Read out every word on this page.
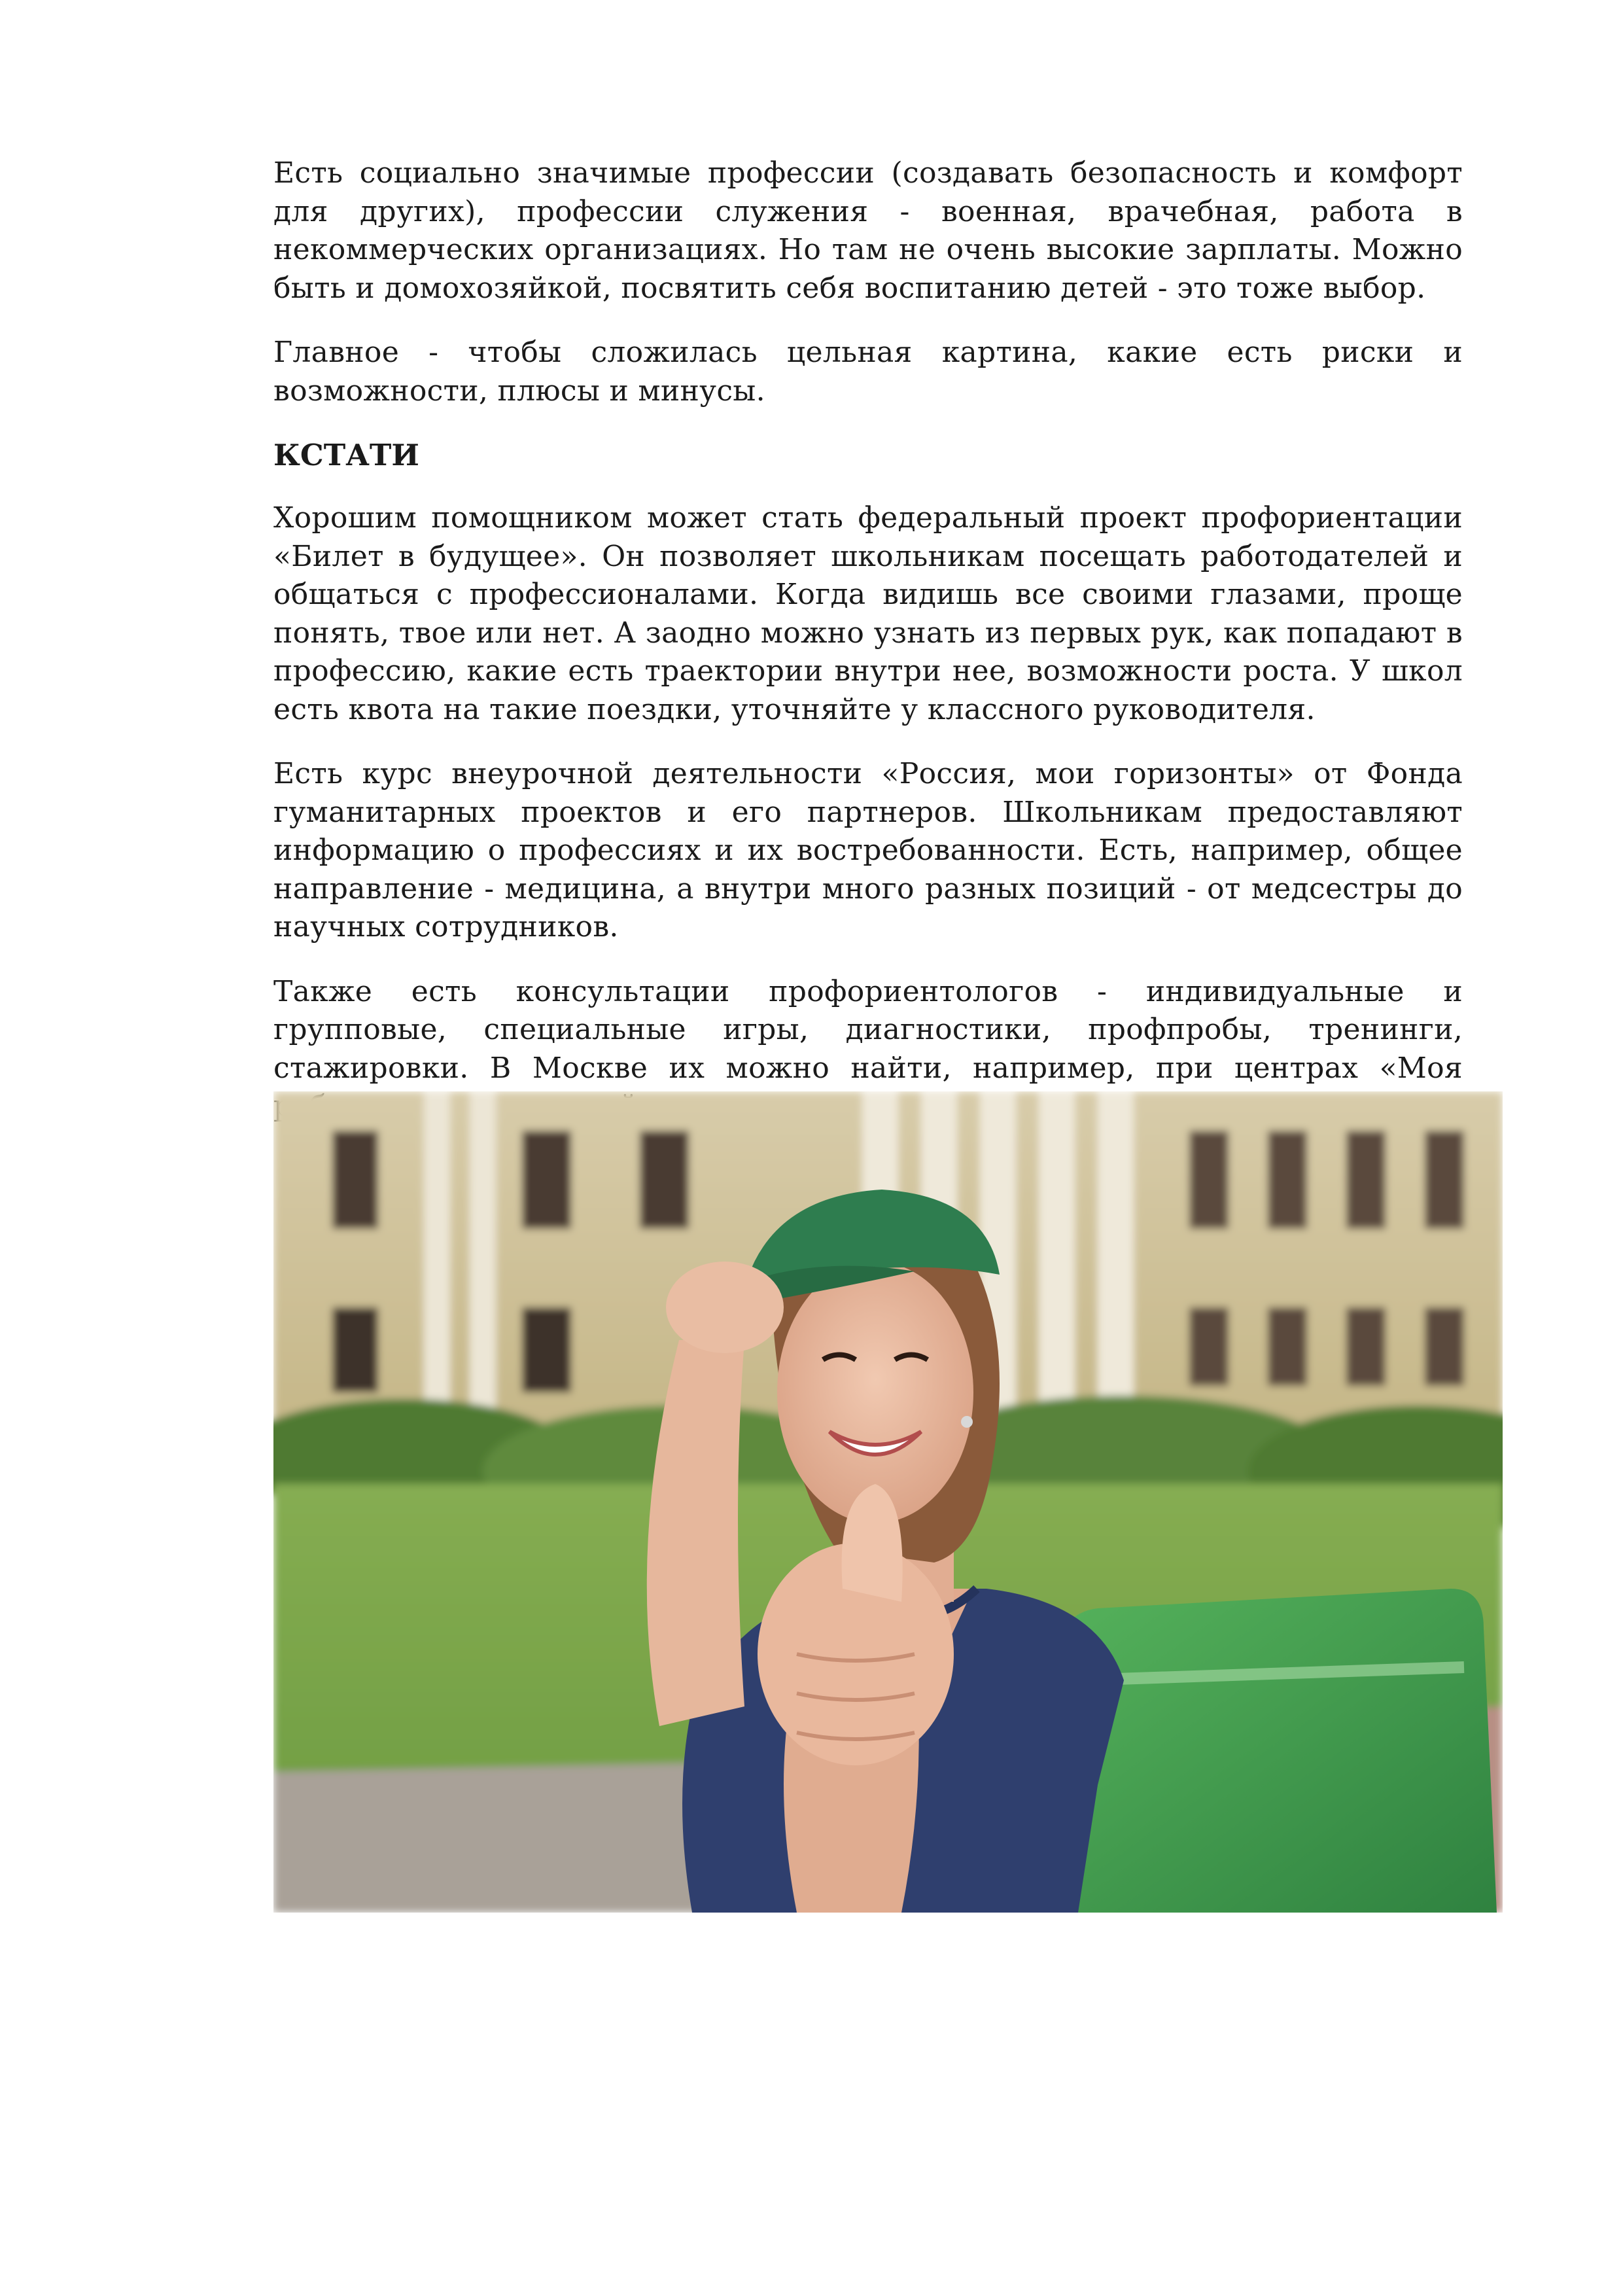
Есть социально значимые профессии (создавать безопасность и комфорт для других), профессии служения - военная, врачебная, работа в некоммерческих организациях. Но там не очень высокие зарплаты. Можно быть и домохозяйкой, посвятить себя воспитанию детей - это тоже выбор.

Главное - чтобы сложилась цельная картина, какие есть риски и возможности, плюсы и минусы.

КСТАТИ

Хорошим помощником может стать федеральный проект профориентации «Билет в будущее». Он позволяет школьникам посещать работодателей и общаться с профессионалами. Когда видишь все своими глазами, проще понять, твое или нет. А заодно можно узнать из первых рук, как попадают в профессию, какие есть траектории внутри нее, возможности роста. У школ есть квота на такие поездки, уточняйте у классного руководителя.

Есть курс внеурочной деятельности «Россия, мои горизонты» от Фонда гуманитарных проектов и его партнеров. Школьникам предоставляют информацию о профессиях и их востребованности. Есть, например, общее направление - медицина, а внутри много разных позиций - от медсестры до научных сотрудников.

Также есть консультации профориентологов - индивидуальные и групповые, специальные игры, диагностики, профпробы, тренинги, стажировки. В Москве их можно найти, например, при центрах «Моя
